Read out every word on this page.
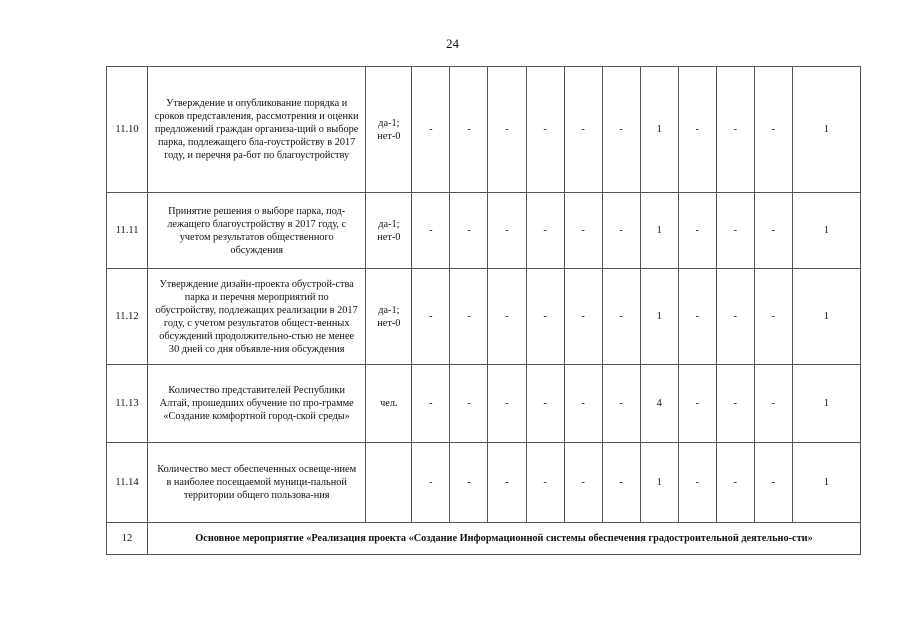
24
11.10	Утверждение и опубликование порядка и сроков представления, рассмотрения и оценки предложений граждан организа-щий о выборе парка, подлежащего бла-гоустройству в 2017 году, и перечня ра-бот по благоустройству	да-1; нет-0	-	-	-	-	-	-	1	-	-	-	1
11.11	Принятие решения о выборе парка, под-лежащего благоустройству в 2017 году, с учетом результатов общественного обсуждения	да-1; нет-0	-	-	-	-	-	-	1	-	-	-	1
11.12	Утверждение дизайн-проекта обустрой-ства парка и перечня мероприятий по обустройству, подлежащих реализации в 2017 году, с учетом результатов общест-венных обсуждений продолжительно-стью не менее 30 дней со дня объявле-ния обсуждения	да-1; нет-0	-	-	-	-	-	-	1	-	-	-	1
11.13	Количество представителей Республики Алтай, прошедших обучение по про-грамме «Создание комфортной город-ской среды»	чел.	-	-	-	-	-	-	4	-	-	-	1
11.14	Количество мест обеспеченных освеще-нием в наиболее посещаемой муници-пальной территории общего пользова-ния		-	-	-	-	-	-	1	-	-	-	1
12	Основное мероприятие «Реализация проекта «Создание Информационной системы обеспечения градостроительной деятельно-сти»												
